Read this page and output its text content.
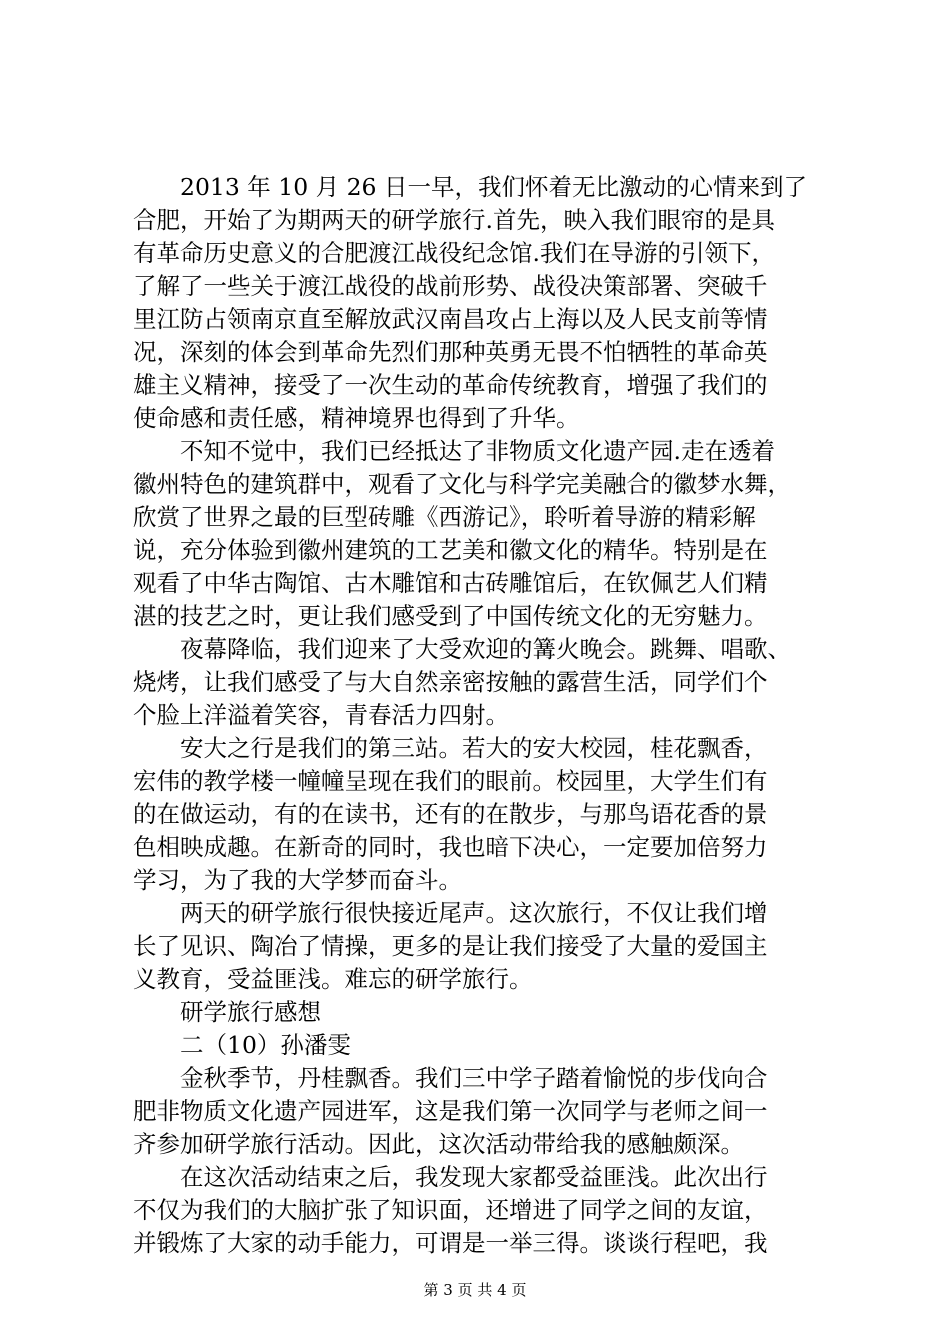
2013 年 10 月 26 日一早，我们怀着无比激动的心情来到了
合肥，开始了为期两天的研学旅行.首先，映入我们眼帘的是具
有革命历史意义的合肥渡江战役纪念馆.我们在导游的引领下，
了解了一些关于渡江战役的战前形势、战役决策部署、突破千
里江防占领南京直至解放武汉南昌攻占上海以及人民支前等情
况，深刻的体会到革命先烈们那种英勇无畏不怕牺牲的革命英
雄主义精神，接受了一次生动的革命传统教育，增强了我们的
使命感和责任感，精神境界也得到了升华。
不知不觉中，我们已经抵达了非物质文化遗产园.走在透着
徽州特色的建筑群中，观看了文化与科学完美融合的徽梦水舞，
欣赏了世界之最的巨型砖雕《西游记》，聆听着导游的精彩解
说，充分体验到徽州建筑的工艺美和徽文化的精华。特别是在
观看了中华古陶馆、古木雕馆和古砖雕馆后，在钦佩艺人们精
湛的技艺之时，更让我们感受到了中国传统文化的无穷魅力。
夜幕降临，我们迎来了大受欢迎的篝火晚会。跳舞、唱歌、
烧烤，让我们感受了与大自然亲密按触的露营生活，同学们个
个脸上洋溢着笑容，青春活力四射。
安大之行是我们的第三站。若大的安大校园，桂花飘香，
宏伟的教学楼一幢幢呈现在我们的眼前。校园里，大学生们有
的在做运动，有的在读书，还有的在散步，与那鸟语花香的景
色相映成趣。在新奇的同时，我也暗下决心，一定要加倍努力
学习，为了我的大学梦而奋斗。
两天的研学旅行很快接近尾声。这次旅行，不仅让我们增
长了见识、陶冶了情操，更多的是让我们接受了大量的爱国主
义教育，受益匪浅。难忘的研学旅行。
研学旅行感想
二（10）孙潘雯
金秋季节，丹桂飘香。我们三中学子踏着愉悦的步伐向合
肥非物质文化遗产园进军，这是我们第一次同学与老师之间一
齐参加研学旅行活动。因此，这次活动带给我的感触颇深。
在这次活动结束之后，我发现大家都受益匪浅。此次出行
不仅为我们的大脑扩张了知识面，还增进了同学之间的友谊，
并锻炼了大家的动手能力，可谓是一举三得。谈谈行程吧，我
第 3 页 共 4 页
